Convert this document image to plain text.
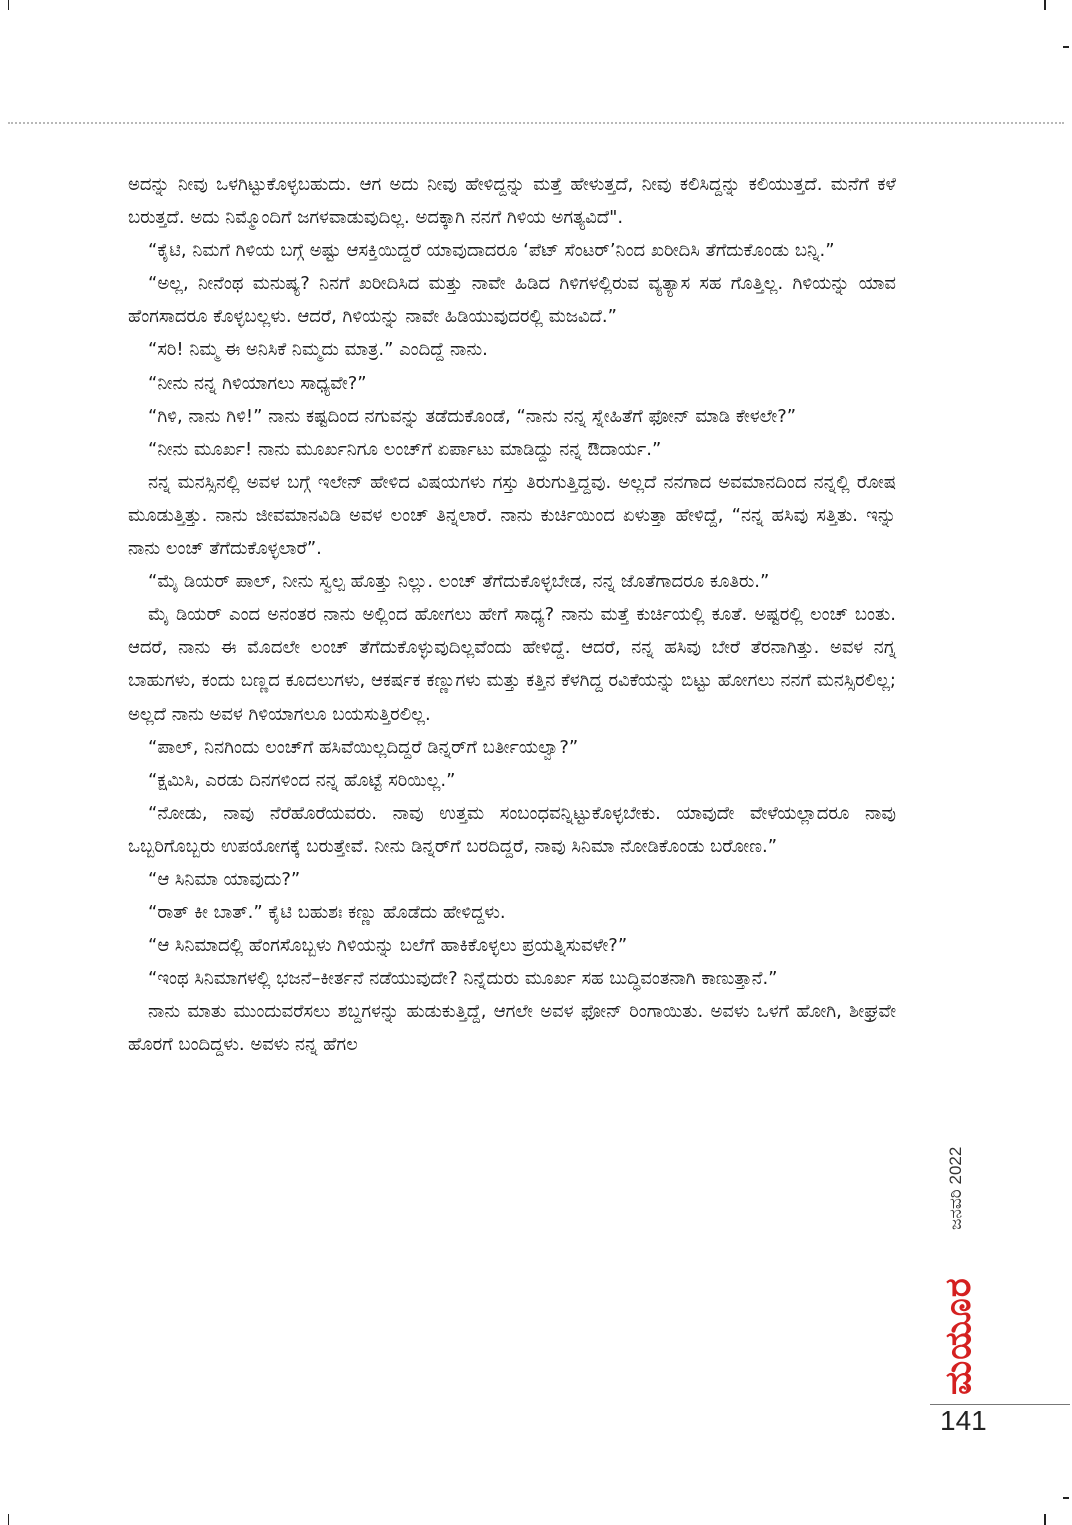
ಅದನ್ನು ನೀವು ಒಳಗಿಟ್ಟುಕೊಳ್ಳಬಹುದು. ಆಗ ಅದು ನೀವು ಹೇಳಿದ್ದನ್ನು ಮತ್ತೆ ಹೇಳುತ್ತದೆ, ನೀವು ಕಲಿಸಿದ್ದನ್ನು ಕಲಿಯುತ್ತದೆ. ಮನೆಗೆ ಕಳೆ ಬರುತ್ತದೆ. ಅದು ನಿಮ್ಮೊಂದಿಗೆ ಜಗಳವಾಡುವುದಿಲ್ಲ. ಅದಕ್ಕಾಗಿ ನನಗೆ ಗಿಳಿಯ ಅಗತ್ಯವಿದೆ".

“ಕೈಟಿ, ನಿಮಗೆ ಗಿಳಿಯ ಬಗ್ಗೆ ಅಷ್ಟು ಆಸಕ್ತಿಯಿದ್ದರೆ ಯಾವುದಾದರೂ ‘ಪೆಟ್ ಸೆಂಟರ್’ನಿಂದ ಖರೀದಿಸಿ ತೆಗೆದುಕೊಂಡು ಬನ್ನಿ.”

“ಅಲ್ಲ, ನೀನೆಂಥ ಮನುಷ್ಯ? ನಿನಗೆ ಖರೀದಿಸಿದ ಮತ್ತು ನಾವೇ ಹಿಡಿದ ಗಿಳಿಗಳಲ್ಲಿರುವ ವ್ಯತ್ಯಾಸ ಸಹ ಗೊತ್ತಿಲ್ಲ. ಗಿಳಿಯನ್ನು ಯಾವ ಹೆಂಗಸಾದರೂ ಕೊಳ್ಳಬಲ್ಲಳು. ಆದರೆ, ಗಿಳಿಯನ್ನು ನಾವೇ ಹಿಡಿಯುವುದರಲ್ಲಿ ಮಜವಿದೆ.”

“ಸರಿ! ನಿಮ್ಮ ಈ ಅನಿಸಿಕೆ ನಿಮ್ಮದು ಮಾತ್ರ.” ಎಂದಿದ್ದೆ ನಾನು.

“ನೀನು ನನ್ನ ಗಿಳಿಯಾಗಲು ಸಾಧ್ಯವೇ?”

“ಗಿಳಿ, ನಾನು ಗಿಳಿ!” ನಾನು ಕಷ್ಟದಿಂದ ನಗುವನ್ನು ತಡೆದುಕೊಂಡೆ, “ನಾನು ನನ್ನ ಸ್ನೇಹಿತೆಗೆ ಫೋನ್ ಮಾಡಿ ಕೇಳಲೇ?”

“ನೀನು ಮೂರ್ಖ! ನಾನು ಮೂರ್ಖನಿಗೂ ಲಂಚ್‌ಗೆ ಏರ್ಪಾಟು ಮಾಡಿದ್ದು ನನ್ನ ಔದಾರ್ಯ.”

ನನ್ನ ಮನಸ್ಸಿನಲ್ಲಿ ಅವಳ ಬಗ್ಗೆ ಇಲೇನ್ ಹೇಳಿದ ವಿಷಯಗಳು ಗಸ್ತು ತಿರುಗುತ್ತಿದ್ದವು. ಅಲ್ಲದೆ ನನಗಾದ ಅವಮಾನದಿಂದ ನನ್ನಲ್ಲಿ ರೋಷ ಮೂಡುತ್ತಿತ್ತು. ನಾನು ಜೀವಮಾನವಿಡಿ ಅವಳ ಲಂಚ್ ತಿನ್ನಲಾರೆ. ನಾನು ಕುರ್ಚಿಯಿಂದ ಏಳುತ್ತಾ ಹೇಳಿದ್ದೆ, “ನನ್ನ ಹಸಿವು ಸತ್ತಿತು. ಇನ್ನು ನಾನು ಲಂಚ್ ತೆಗೆದುಕೊಳ್ಳಲಾರೆ”.

“ಮೈ ಡಿಯರ್ ಪಾಲ್, ನೀನು ಸ್ವಲ್ಪ ಹೊತ್ತು ನಿಲ್ಲು. ಲಂಚ್ ತೆಗೆದುಕೊಳ್ಳಬೇಡ, ನನ್ನ ಜೊತೆಗಾದರೂ ಕೂತಿರು.”

ಮೈ ಡಿಯರ್ ಎಂದ ಅನಂತರ ನಾನು ಅಲ್ಲಿಂದ ಹೋಗಲು ಹೇಗೆ ಸಾಧ್ಯ? ನಾನು ಮತ್ತೆ ಕುರ್ಚಿಯಲ್ಲಿ ಕೂತೆ. ಅಷ್ಟರಲ್ಲಿ ಲಂಚ್ ಬಂತು. ಆದರೆ, ನಾನು ಈ ಮೊದಲೇ ಲಂಚ್ ತೆಗೆದುಕೊಳ್ಳುವುದಿಲ್ಲವೆಂದು ಹೇಳಿದ್ದೆ. ಆದರೆ, ನನ್ನ ಹಸಿವು ಬೇರೆ ತೆರನಾಗಿತ್ತು. ಅವಳ ನಗ್ನ ಬಾಹುಗಳು, ಕಂದು ಬಣ್ಣದ ಕೂದಲುಗಳು, ಆಕರ್ಷಕ ಕಣ್ಣುಗಳು ಮತ್ತು ಕತ್ತಿನ ಕೆಳಗಿದ್ದ ರವಿಕೆಯನ್ನು ಬಿಟ್ಟು ಹೋಗಲು ನನಗೆ ಮನಸ್ಸಿರಲಿಲ್ಲ; ಅಲ್ಲದೆ ನಾನು ಅವಳ ಗಿಳಿಯಾಗಲೂ ಬಯಸುತ್ತಿರಲಿಲ್ಲ.

“ಪಾಲ್, ನಿನಗಿಂದು ಲಂಚ್‌ಗೆ ಹಸಿವೆಯಿಲ್ಲದಿದ್ದರೆ ಡಿನ್ನರ್‌ಗೆ ಬರ್ತೀಯಲ್ವಾ?”

“ಕ್ಷಮಿಸಿ, ಎರಡು ದಿನಗಳಿಂದ ನನ್ನ ಹೊಟ್ಟೆ ಸರಿಯಿಲ್ಲ.”

“ನೋಡು, ನಾವು ನೆರೆಹೊರೆಯವರು. ನಾವು ಉತ್ತಮ ಸಂಬಂಧವನ್ನಿಟ್ಟುಕೊಳ್ಳಬೇಕು. ಯಾವುದೇ ವೇಳೆಯಲ್ಲಾದರೂ ನಾವು ಒಬ್ಬರಿಗೊಬ್ಬರು ಉಪಯೋಗಕ್ಕೆ ಬರುತ್ತೇವೆ. ನೀನು ಡಿನ್ನರ್‌ಗೆ ಬರದಿದ್ದರೆ, ನಾವು ಸಿನಿಮಾ ನೋಡಿಕೊಂಡು ಬರೋಣ.”

“ಆ ಸಿನಿಮಾ ಯಾವುದು?”

“ರಾತ್ ಕೀ ಬಾತ್.” ಕೈಟಿ ಬಹುಶಃ ಕಣ್ಣು ಹೊಡೆದು ಹೇಳಿದ್ದಳು.

“ಆ ಸಿನಿಮಾದಲ್ಲಿ ಹೆಂಗಸೊಬ್ಬಳು ಗಿಳಿಯನ್ನು ಬಲೆಗೆ ಹಾಕಿಕೊಳ್ಳಲು ಪ್ರಯತ್ನಿಸುವಳೇ?”

“ಇಂಥ ಸಿನಿಮಾಗಳಲ್ಲಿ ಭಜನೆ–ಕೀರ್ತನೆ ನಡೆಯುವುದೇ? ನಿನ್ನೆದುರು ಮೂರ್ಖ ಸಹ ಬುದ್ಧಿವಂತನಾಗಿ ಕಾಣುತ್ತಾನೆ.”

ನಾನು ಮಾತು ಮುಂದುವರೆಸಲು ಶಬ್ದಗಳನ್ನು ಹುಡುಕುತ್ತಿದ್ದೆ, ಆಗಲೇ ಅವಳ ಫೋನ್ ರಿಂಗಾಯಿತು. ಅವಳು ಒಳಗೆ ಹೋಗಿ, ಶೀಘ್ರವೇ ಹೊರಗೆ ಬಂದಿದ್ದಳು. ಅವಳು ನನ್ನ ಹೆಗಲ

ಜನವರಿ 2022
ಮಯೂರ
141
